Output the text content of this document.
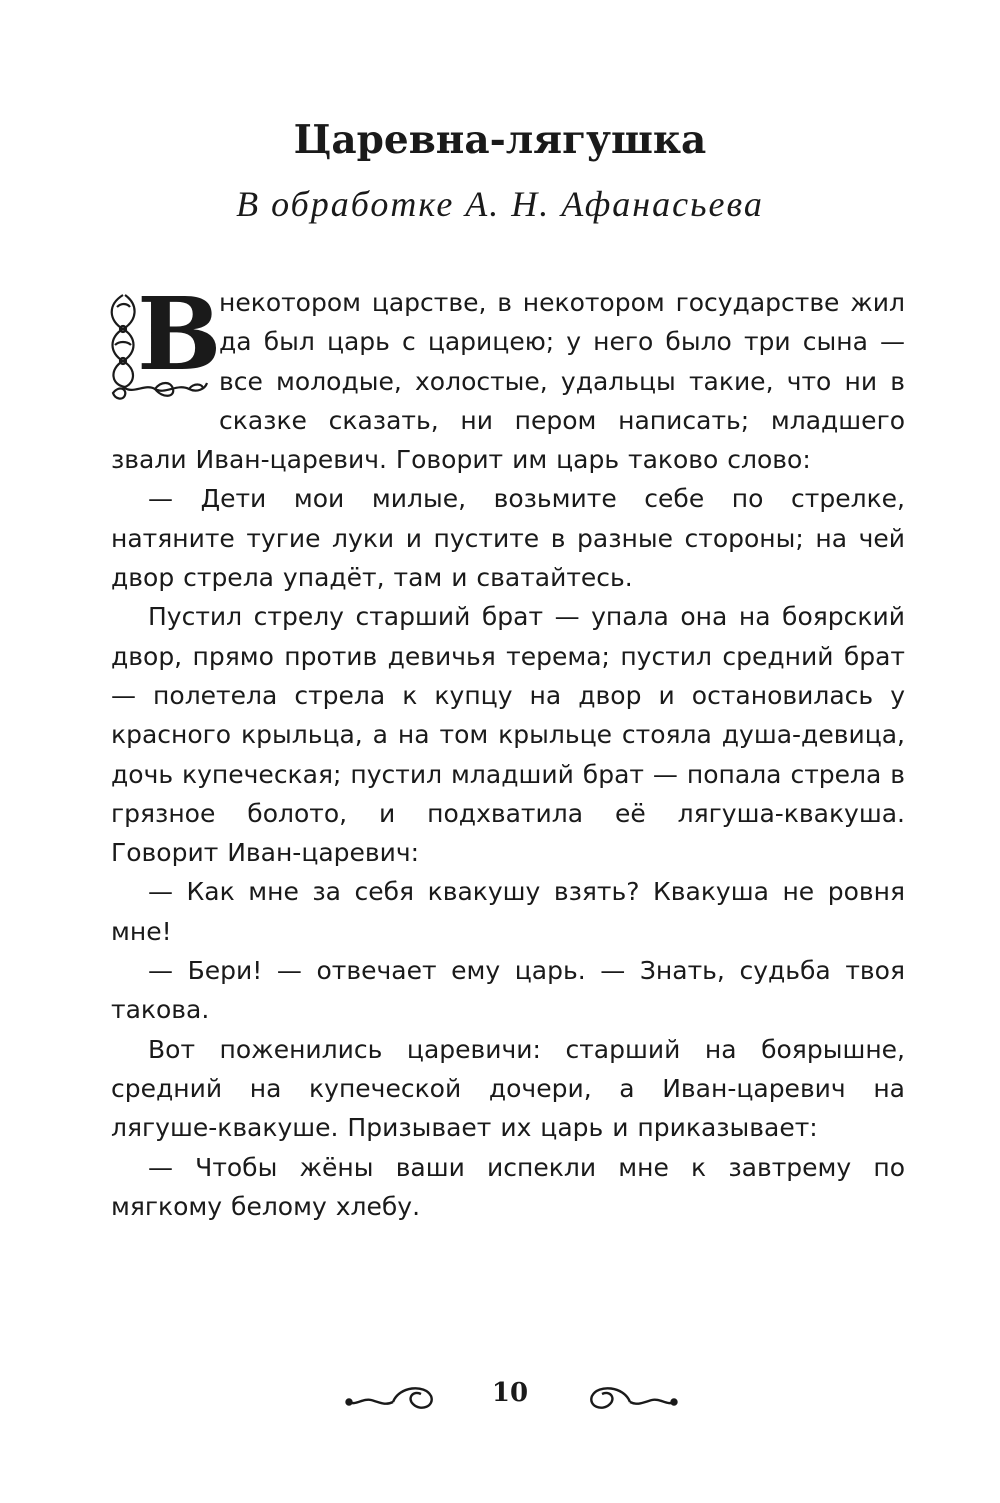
Царевна-лягушка
В обработке А. Н. Афанасьева
В

некотором царстве, в некотором государстве жил да был царь с царицею; у него было три сына — все молодые, холостые, удальцы такие, что ни в сказке сказать, ни пером написать; младшего звали Иван-царевич. Говорит им царь таково слово:

— Дети мои милые, возьмите себе по стрелке, натяните тугие луки и пустите в разные стороны; на чей двор стрела упадёт, там и сватайтесь.

Пустил стрелу старший брат — упала она на боярский двор, прямо против девичья терема; пустил средний брат — полетела стрела к купцу на двор и остановилась у красного крыльца, а на том крыльце стояла душа-девица, дочь купеческая; пустил младший брат — попала стрела в грязное болото, и подхватила её лягуша-квакуша. Говорит Иван-царевич:

— Как мне за себя квакушу взять? Квакуша не ровня мне!

— Бери! — отвечает ему царь. — Знать, судьба твоя такова.

Вот поженились царевичи: старший на боярышне, средний на купеческой дочери, а Иван-царевич на лягуше-квакуше. Призывает их царь и приказывает:

— Чтобы жёны ваши испекли мне к завтрему по мягкому белому хлебу.

10
